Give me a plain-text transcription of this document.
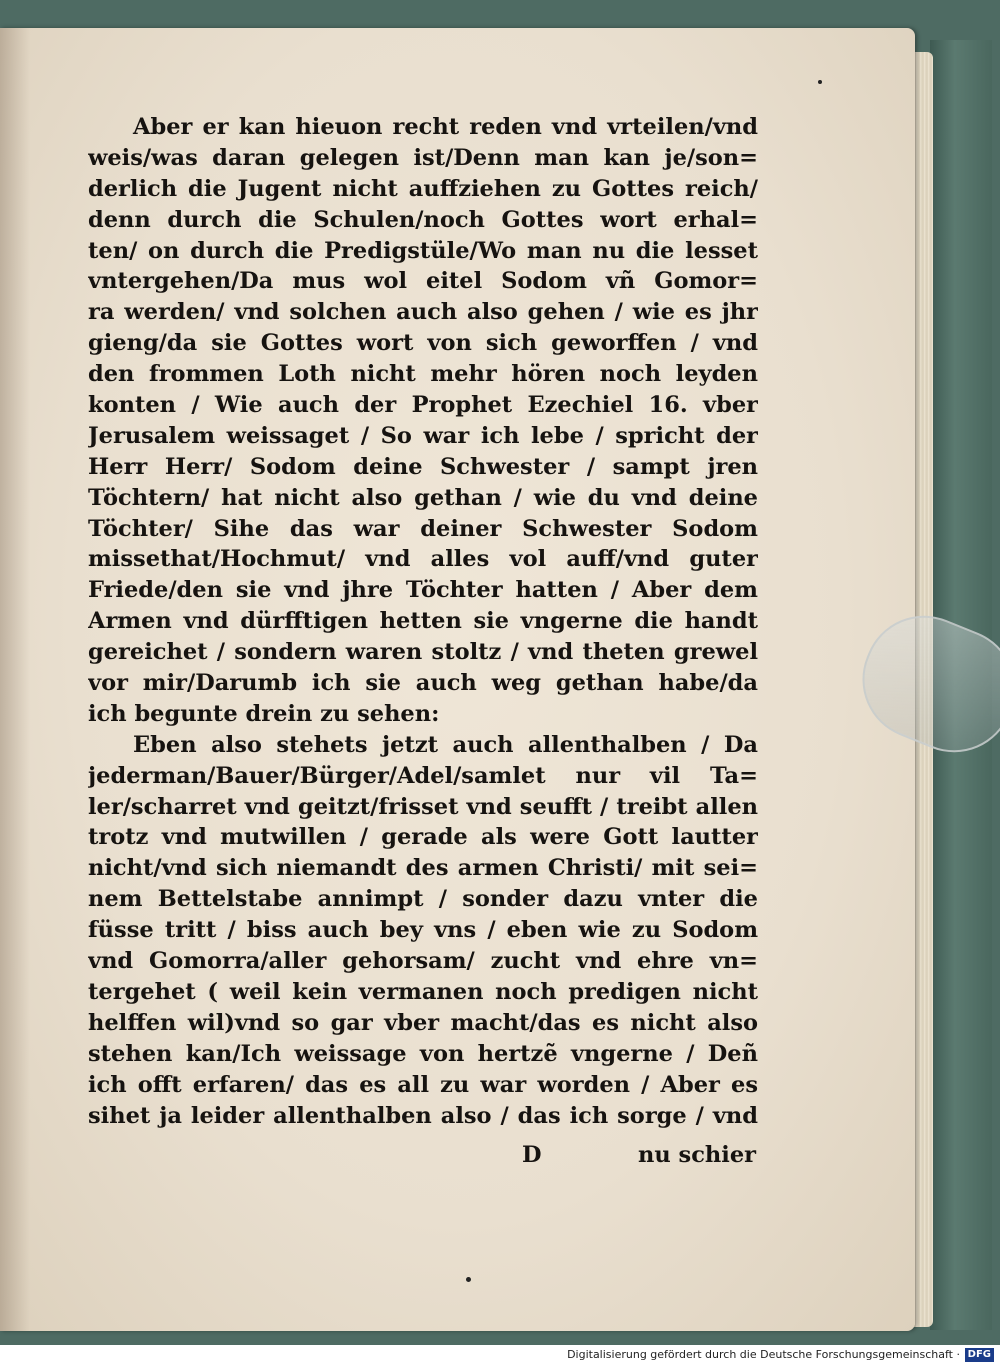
Aber er kan hieuon recht reden vnd vrteilen/vnd
weis/was daran gelegen ist/Denn man kan je/son=
derlich die Jugent nicht auffziehen zu Gottes reich/
denn durch die Schulen/noch Gottes wort erhal=
ten/ on durch die Predigstüle/Wo man nu die lesset
vntergehen/Da mus wol eitel Sodom vñ Gomor=
ra werden/ vnd solchen auch also gehen / wie es jhr
gieng/da sie Gottes wort von sich geworffen / vnd
den frommen Loth nicht mehr hören noch leyden
konten / Wie auch der Prophet Ezechiel 16. vber
Jerusalem weissaget / So war ich lebe / spricht der
Herr Herr/ Sodom deine Schwester / sampt jren
Töchtern/ hat nicht also gethan / wie du vnd deine
Töchter/ Sihe das war deiner Schwester Sodom
missethat/Hochmut/ vnd alles vol auff/vnd guter
Friede/den sie vnd jhre Töchter hatten / Aber dem
Armen vnd dürfftigen hetten sie vngerne die handt
gereichet / sondern waren stoltz / vnd theten grewel
vor mir/Darumb ich sie auch weg gethan habe/da
ich begunte drein zu sehen:
Eben also stehets jetzt auch allenthalben / Da
jederman/Bauer/Bürger/Adel/samlet nur vil Ta=
ler/scharret vnd geitzt/frisset vnd seufft / treibt allen
trotz vnd mutwillen / gerade als were Gott lautter
nicht/vnd sich niemandt des armen Christi/ mit sei=
nem Bettelstabe annimpt / sonder dazu vnter die
füsse tritt / biss auch bey vns / eben wie zu Sodom
vnd Gomorra/aller gehorsam/ zucht vnd ehre vn=
tergehet ( weil kein vermanen noch predigen nicht
helffen wil)vnd so gar vber macht/das es nicht also
stehen kan/Ich weissage von hertzẽ vngerne / Deñ
ich offt erfaren/ das es all zu war worden / Aber es
sihet ja leider allenthalben also / das ich sorge / vnd
D	nu schier
Digitalisierung gefördert durch die Deutsche Forschungsgemeinschaft · DFG
